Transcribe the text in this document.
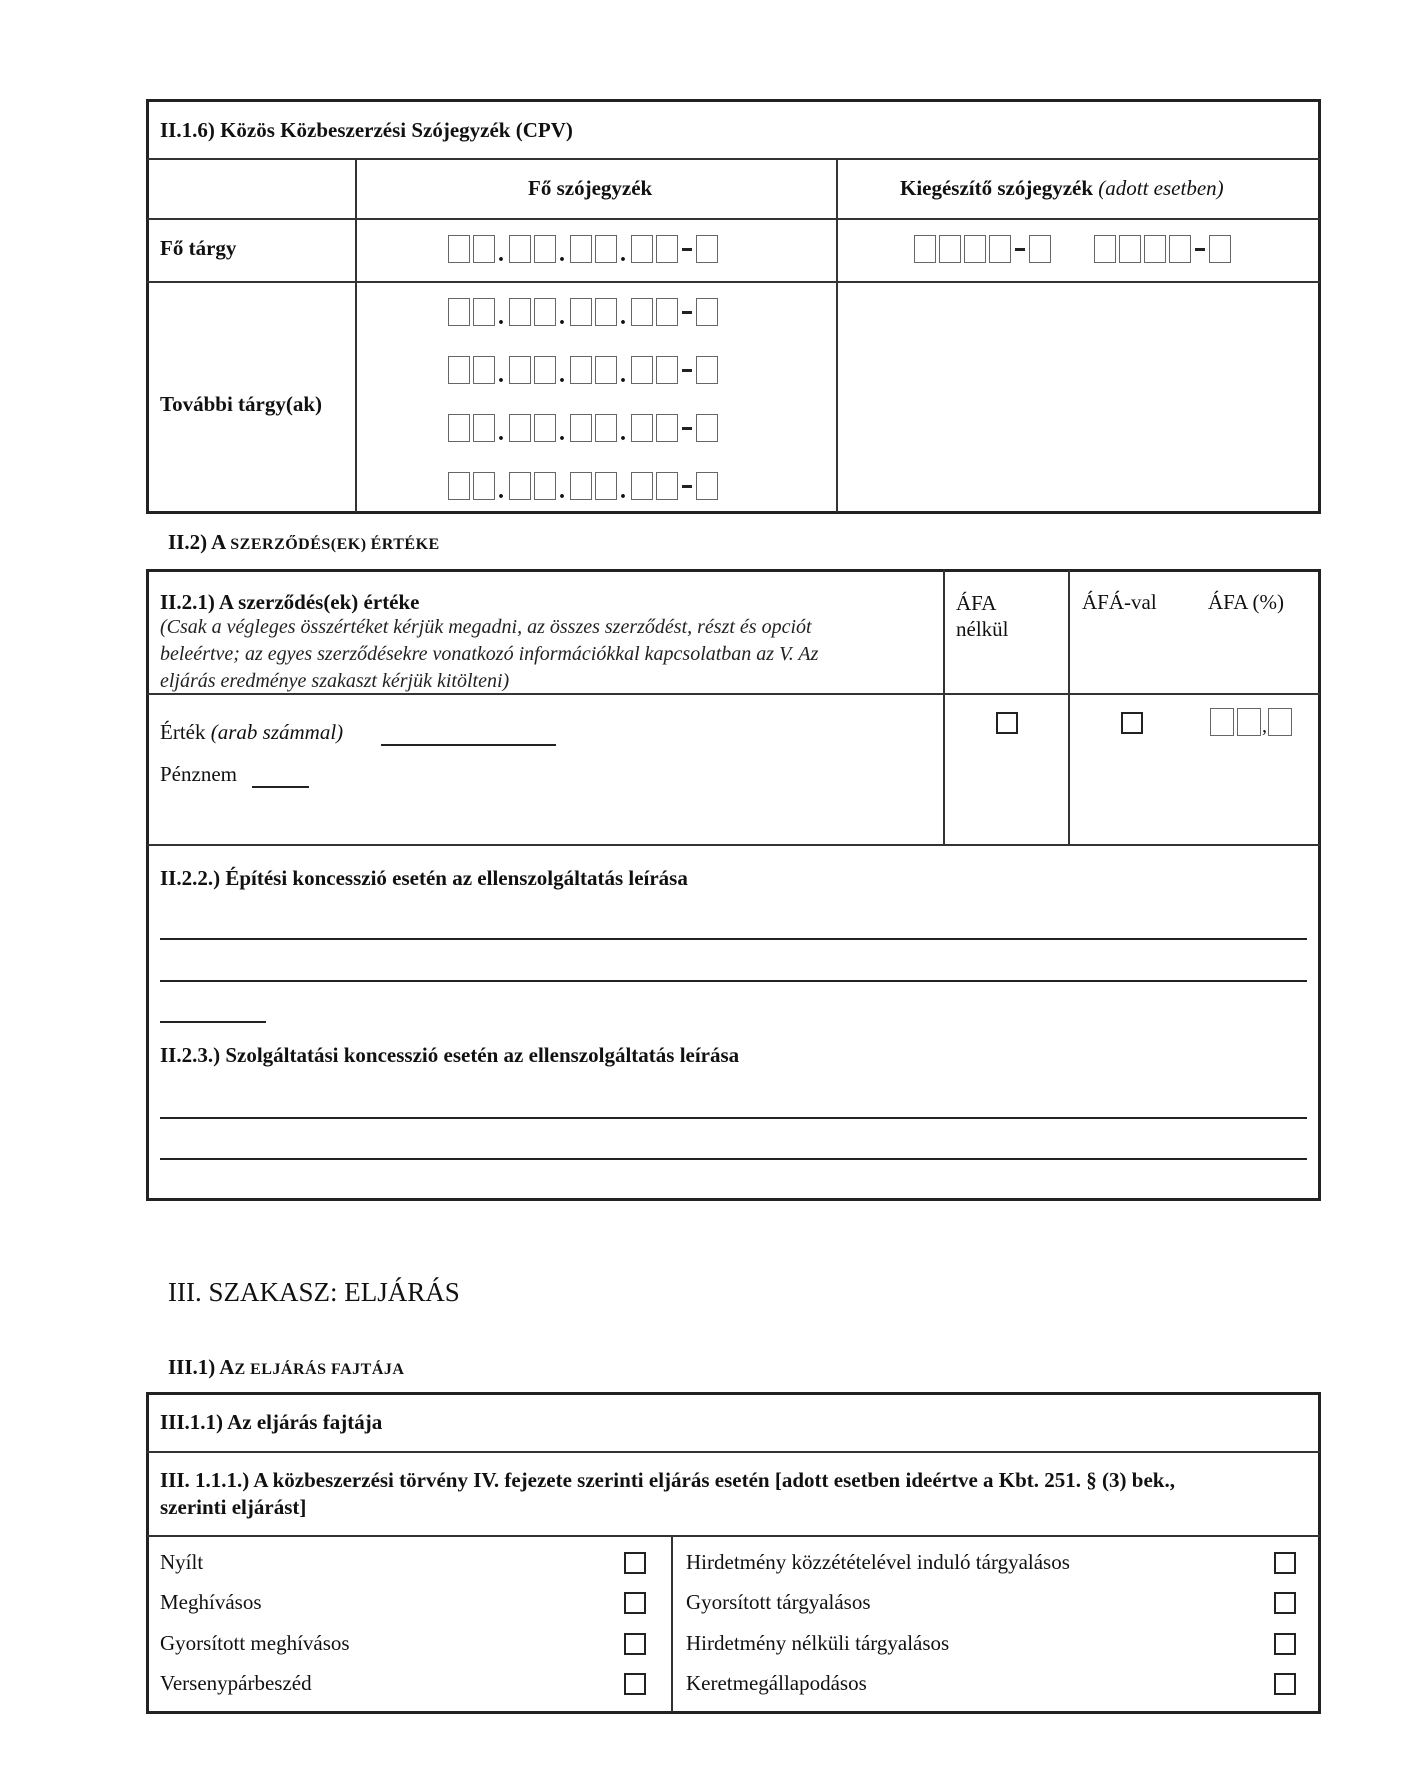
II.1.6) Közös Közbeszerzési Szójegyzék (CPV)
Fő szójegyzék	Kiegészítő szójegyzék (adott esetben)
Fő tárgy
További tárgy(ak)
. . .
. . .
. . .
. . .
. . .
II.2) A SZERZŐDÉS(EK) ÉRTÉKE
II.2.1) A szerződés(ek) értéke
(Csak a végleges összértéket kérjük megadni, az összes szerződést, részt és opciót
beleértve; az egyes szerződésekre vonatkozó információkkal kapcsolatban az V. Az
eljárás eredménye szakaszt kérjük kitölteni)
ÁFA
nélkül
ÁFÁ-val ÁFA (%)
Érték (arab számmal)
Pénznem
,
II.2.2.) Építési koncesszió esetén az ellenszolgáltatás leírása
II.2.3.) Szolgáltatási koncesszió esetén az ellenszolgáltatás leírása
III. SZAKASZ: ELJÁRÁS
III.1) AZ ELJÁRÁS FAJTÁJA
III.1.1) Az eljárás fajtája
III. 1.1.1.) A közbeszerzési törvény IV. fejezete szerinti eljárás esetén [adott esetben ideértve a Kbt. 251. § (3) bek.,
szerinti eljárást]
Nyílt
Meghívásos
Gyorsított meghívásos
Versenypárbeszéd
Hirdetmény közzétételével induló tárgyalásos
Gyorsított tárgyalásos
Hirdetmény nélküli tárgyalásos
Keretmegállapodásos
